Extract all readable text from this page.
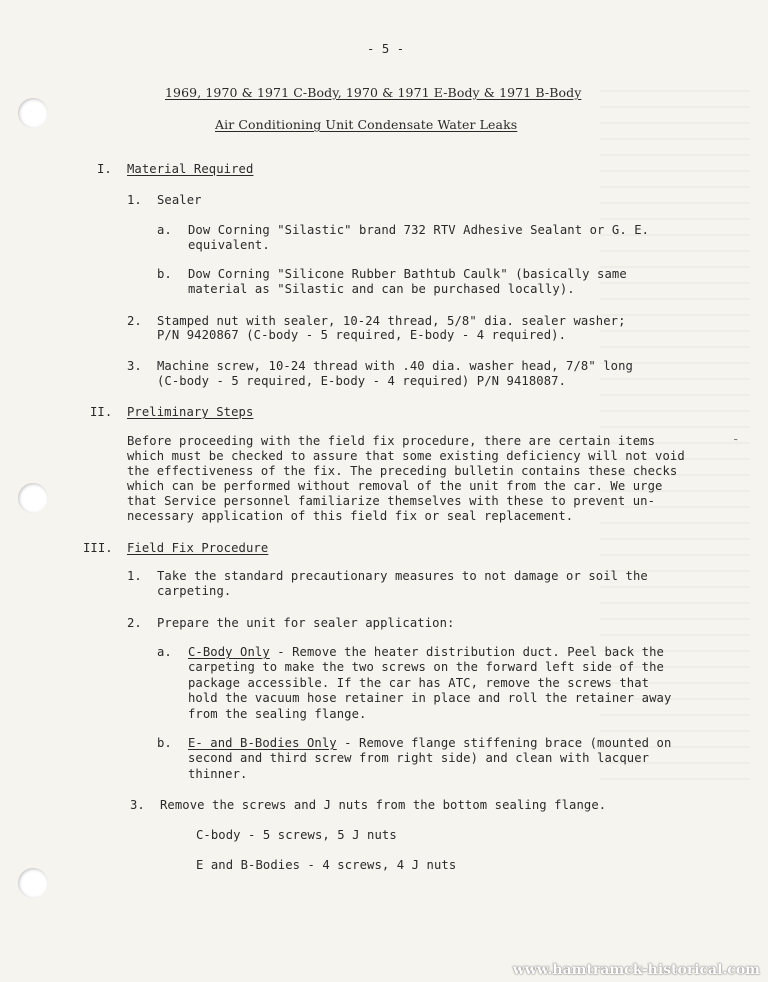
˷
- 5 -
1969, 1970 & 1971 C-Body, 1970 & 1971 E-Body & 1971 B-Body
Air Conditioning Unit Condensate Water Leaks
I. Material Required
1. Sealer
a. Dow Corning "Silastic" brand 732 RTV Adhesive Sealant or G. E.
equivalent.
b. Dow Corning "Silicone Rubber Bathtub Caulk" (basically same
material as "Silastic and can be purchased locally).
2. Stamped nut with sealer, 10-24 thread, 5/8" dia. sealer washer;
P/N 9420867 (C-body - 5 required, E-body - 4 required).
3. Machine screw, 10-24 thread with .40 dia. washer head, 7/8" long
(C-body - 5 required, E-body - 4 required) P/N 9418087.
II. Preliminary Steps
Before proceeding with the field fix procedure, there are certain items
which must be checked to assure that some existing deficiency will not void
the effectiveness of the fix. The preceding bulletin contains these checks
which can be performed without removal of the unit from the car. We urge
that Service personnel familiarize themselves with these to prevent un-
necessary application of this field fix or seal replacement.
III. Field Fix Procedure
1. Take the standard precautionary measures to not damage or soil the
carpeting.
2. Prepare the unit for sealer application:
a. C-Body Only - Remove the heater distribution duct. Peel back the
carpeting to make the two screws on the forward left side of the
package accessible. If the car has ATC, remove the screws that
hold the vacuum hose retainer in place and roll the retainer away
from the sealing flange.
b. E- and B-Bodies Only - Remove flange stiffening brace (mounted on
second and third screw from right side) and clean with lacquer
thinner.
3. Remove the screws and J nuts from the bottom sealing flange.
C-body - 5 screws, 5 J nuts
E and B-Bodies - 4 screws, 4 J nuts
www.hamtramck-historical.com
